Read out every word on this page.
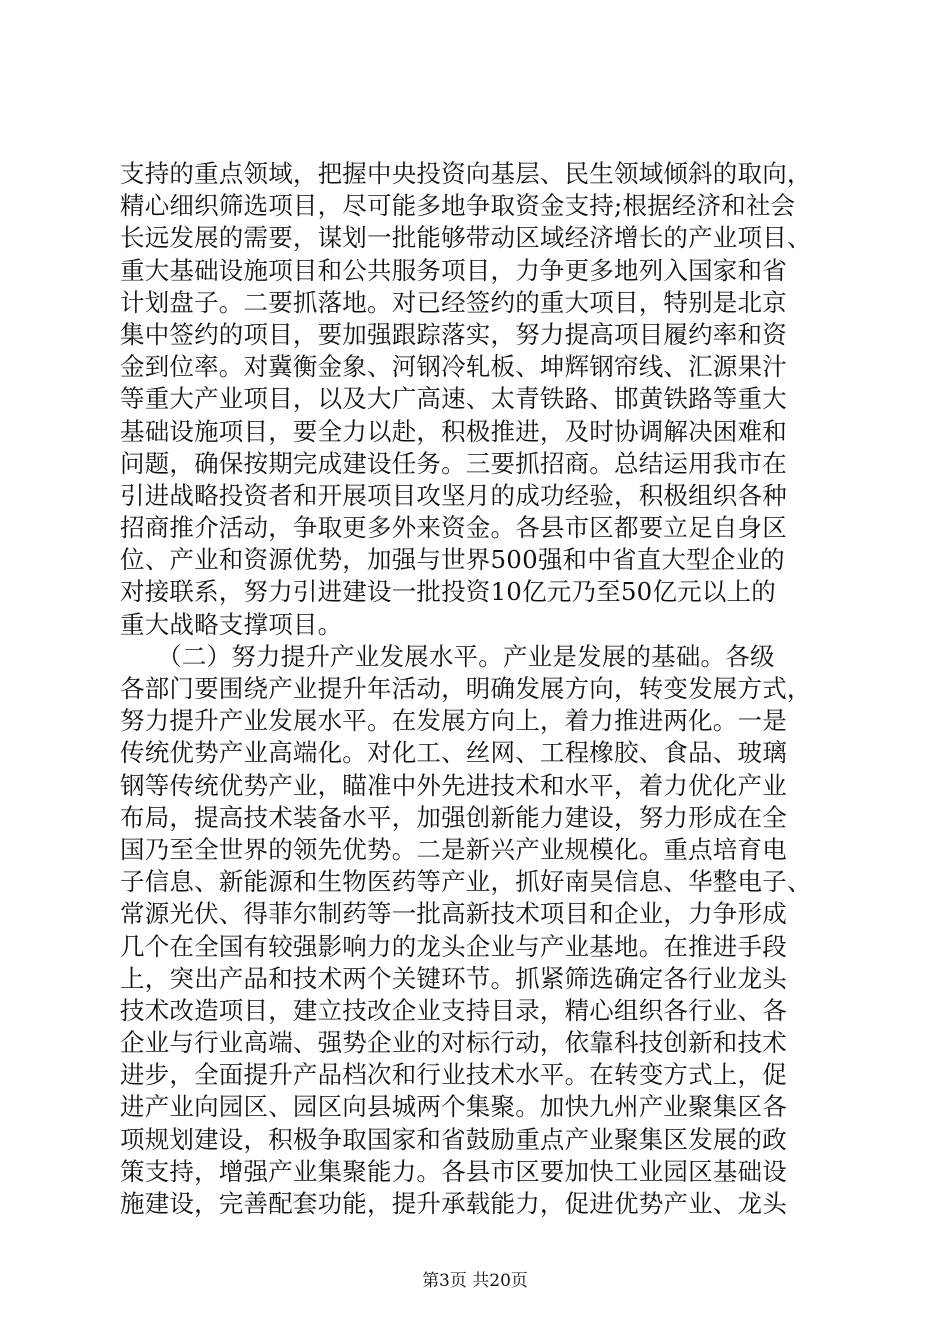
支持的重点领域，把握中央投资向基层、民生领域倾斜的取向，
精心细织筛选项目，尽可能多地争取资金支持;根据经济和社会
长远发展的需要，谋划一批能够带动区域经济增长的产业项目、
重大基础设施项目和公共服务项目，力争更多地列入国家和省
计划盘子。二要抓落地。对已经签约的重大项目，特别是北京
集中签约的项目，要加强跟踪落实，努力提高项目履约率和资
金到位率。对冀衡金象、河钢冷轧板、坤辉钢帘线、汇源果汁
等重大产业项目，以及大广高速、太青铁路、邯黄铁路等重大
基础设施项目，要全力以赴，积极推进，及时协调解决困难和
问题，确保按期完成建设任务。三要抓招商。总结运用我市在
引进战略投资者和开展项目攻坚月的成功经验，积极组织各种
招商推介活动，争取更多外来资金。各县市区都要立足自身区
位、产业和资源优势，加强与世界500强和中省直大型企业的
对接联系，努力引进建设一批投资10亿元乃至50亿元以上的
重大战略支撑项目。
　　（二）努力提升产业发展水平。产业是发展的基础。各级
各部门要围绕产业提升年活动，明确发展方向，转变发展方式，
努力提升产业发展水平。在发展方向上，着力推进两化。一是
传统优势产业高端化。对化工、丝网、工程橡胶、食品、玻璃
钢等传统优势产业，瞄准中外先进技术和水平，着力优化产业
布局，提高技术装备水平，加强创新能力建设，努力形成在全
国乃至全世界的领先优势。二是新兴产业规模化。重点培育电
子信息、新能源和生物医药等产业，抓好南昊信息、华整电子、
常源光伏、得菲尔制药等一批高新技术项目和企业，力争形成
几个在全国有较强影响力的龙头企业与产业基地。在推进手段
上，突出产品和技术两个关键环节。抓紧筛选确定各行业龙头
技术改造项目，建立技改企业支持目录，精心组织各行业、各
企业与行业高端、强势企业的对标行动，依靠科技创新和技术
进步，全面提升产品档次和行业技术水平。在转变方式上，促
进产业向园区、园区向县城两个集聚。加快九州产业聚集区各
项规划建设，积极争取国家和省鼓励重点产业聚集区发展的政
策支持，增强产业集聚能力。各县市区要加快工业园区基础设
施建设，完善配套功能，提升承载能力，促进优势产业、龙头
第3页 共20页
